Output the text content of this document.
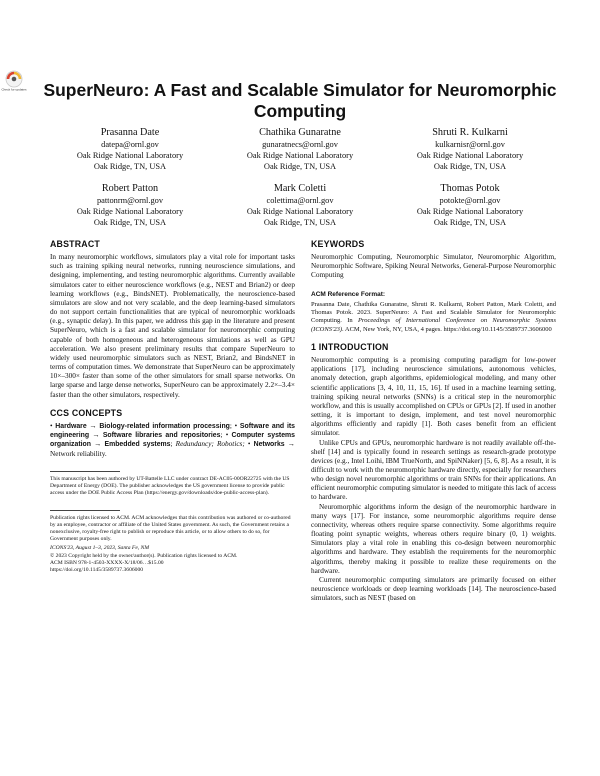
Check for updates SuperNeuro: A Fast and Scalable Simulator for Neuromorphic Computing
Prasanna Date
datepa@ornl.gov
Oak Ridge National Laboratory
Oak Ridge, TN, USA
Chathika Gunaratne
gunaratnecs@ornl.gov
Oak Ridge National Laboratory
Oak Ridge, TN, USA
Shruti R. Kulkarni
kulkarnisr@ornl.gov
Oak Ridge National Laboratory
Oak Ridge, TN, USA
Robert Patton
pattonrm@ornl.gov
Oak Ridge National Laboratory
Oak Ridge, TN, USA
Mark Coletti
colettima@ornl.gov
Oak Ridge National Laboratory
Oak Ridge, TN, USA
Thomas Potok
potokte@ornl.gov
Oak Ridge National Laboratory
Oak Ridge, TN, USA
ABSTRACT

In many neuromorphic workflows, simulators play a vital role for important tasks such as training spiking neural networks, running neuroscience simulations, and designing, implementing, and testing neuromorphic algorithms. Currently available simulators cater to either neuroscience workflows (e.g., NEST and Brian2) or deep learning workflows (e.g., BindsNET). Problematically, the neuroscience-based simulators are slow and not very scalable, and the deep learning-based simulators do not support certain functionalities that are typical of neuromorphic workloads (e.g., synaptic delay). In this paper, we address this gap in the literature and present SuperNeuro, which is a fast and scalable simulator for neuromorphic computing capable of both homogeneous and heterogeneous simulations as well as GPU acceleration. We also present preliminary results that compare SuperNeuro to widely used neuromorphic simulators such as NEST, Brian2, and BindsNET in terms of computation times. We demonstrate that SuperNeuro can be approximately 10×–300× faster than some of the other simulators for small sparse networks. On large sparse and large dense networks, SuperNeuro can be approximately 2.2×–3.4× faster than the other simulators, respectively.

CCS CONCEPTS

• Hardware → Biology-related information processing; • Software and its engineering → Software libraries and repositories; • Computer systems organization → Embedded systems; Redundancy; Robotics; • Networks → Network reliability.

This manuscript has been authored by UT-Battelle LLC under contract DE-AC05-00OR22725 with the US Department of Energy (DOE). The publisher acknowledges the US government license to provide public access under the DOE Public Access Plan (https://energy.gov/downloads/doe-public-access-plan).

Publication rights licensed to ACM. ACM acknowledges that this contribution was authored or co-authored by an employee, contractor or affiliate of the United States government. As such, the Government retains a nonexclusive, royalty-free right to publish or reproduce this article, or to allow others to do so, for Government purposes only.

ICONS'23, August 1–3, 2023, Santa Fe, NM
© 2023 Copyright held by the owner/author(s). Publication rights licensed to ACM.
ACM ISBN 978-1-4503-XXXX-X/18/06…$15.00
https://doi.org/10.1145/3589737.3606000
KEYWORDS

Neuromorphic Computing, Neuromorphic Simulator, Neuromorphic Algorithm, Neuromorphic Software, Spiking Neural Networks, General-Purpose Neuromorphic Computing

ACM Reference Format:

Prasanna Date, Chathika Gunaratne, Shruti R. Kulkarni, Robert Patton, Mark Coletti, and Thomas Potok. 2023. SuperNeuro: A Fast and Scalable Simulator for Neuromorphic Computing. In Proceedings of International Conference on Neuromorphic Systems (ICONS'23). ACM, New York, NY, USA, 4 pages. https://doi.org/10.1145/3589737.3606000

1 INTRODUCTION

Neuromorphic computing is a promising computing paradigm for low-power applications [17], including neuroscience simulations, autonomous vehicles, anomaly detection, graph algorithms, epidemiological modeling, and many other scientific applications [3, 4, 10, 11, 15, 16]. If used in a machine learning setting, training spiking neural networks (SNNs) is a critical step in the neuromorphic workflow, and this is usually accomplished on CPUs or GPUs [2]. If used in another setting, it is important to design, implement, and test novel neuromorphic algorithms efficiently and rapidly [1]. Both cases benefit from an efficient simulator.

Unlike CPUs and GPUs, neuromorphic hardware is not readily available off-the-shelf [14] and is typically found in research settings as research-grade prototype devices (e.g., Intel Loihi, IBM TrueNorth, and SpiNNaker) [5, 6, 8]. As a result, it is difficult to work with the neuromorphic hardware directly, especially for researchers who design novel neuromorphic algorithms or train SNNs for their applications. An efficient neuromorphic computing simulator is needed to mitigate this lack of access to hardware.

Neuromorphic algorithms inform the design of the neuromorphic hardware in many ways [17]. For instance, some neuromorphic algorithms require dense connectivity, whereas others require sparse connectivity. Some algorithms require floating point synaptic weights, whereas others require binary (0, 1) weights. Simulators play a vital role in enabling this co-design between neuromorphic algorithms and hardware. They establish the requirements for the neuromorphic algorithms, thereby making it possible to realize these requirements on the hardware.

Current neuromorphic computing simulators are primarily focused on either neuroscience workloads or deep learning workloads [14]. The neuroscience-based simulators, such as NEST (based on
